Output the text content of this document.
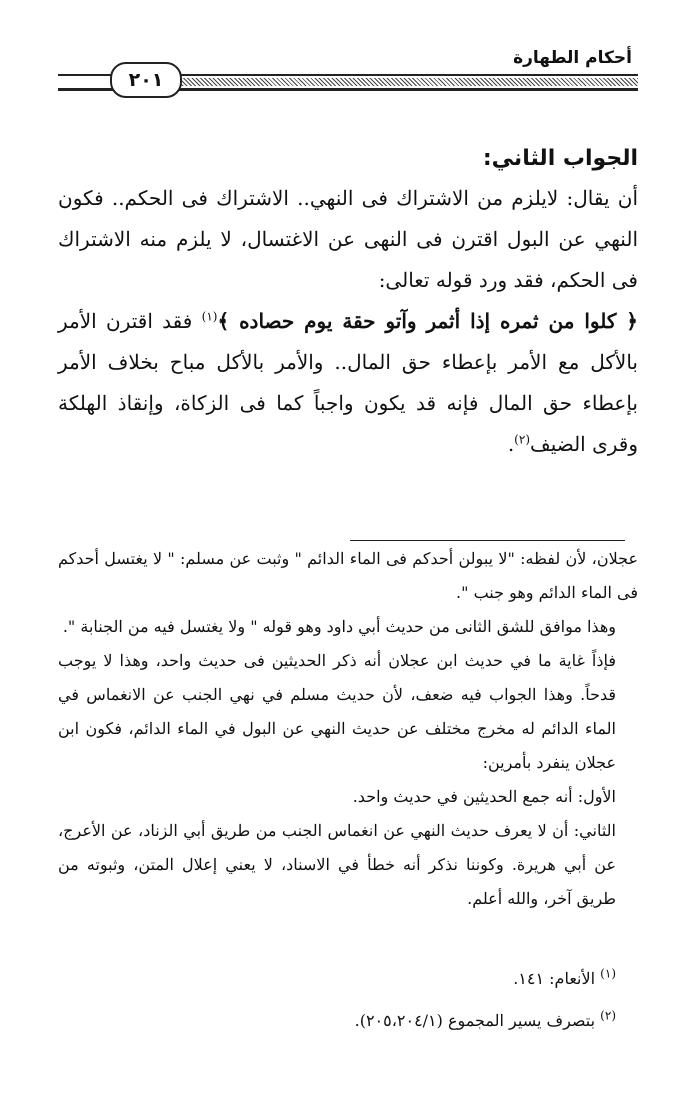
أحكام الطهارة
٢٠١
الجواب الثاني:

أن يقال: لايلزم من الاشتراك فى النهي.. الاشتراك فى الحكم.. فكون النهي عن البول اقترن فى النهى عن الاغتسال، لا يلزم منه الاشتراك فى الحكم، فقد ورد قوله تعالى:

﴿ كلوا من ثمره إذا أثمر وآتو حقة يوم حصاده ﴾$^{(١)}$ فقد اقترن الأمر بالأكل مع الأمر بإعطاء حق المال.. والأمر بالأكل مباح بخلاف الأمر بإعطاء حق المال فإنه قد يكون واجباً كما فى الزكاة، وإنقاذ الهلكة وقرى الضيف$^{(٢)}$.

عجلان، لأن لفظه: "لا يبولن أحدكم فى الماء الدائم " وثبت عن مسلم: " لا يغتسل أحدكم فى الماء الدائم وهو جنب ".

وهذا موافق للشق الثانى من حديث أبي داود وهو قوله " ولا يغتسل فيه من الجنابة ".

فإذاً غاية ما في حديث ابن عجلان أنه ذكر الحديثين فى حديث واحد، وهذا لا يوجب قدحاً. وهذا الجواب فيه ضعف، لأن حديث مسلم في نهي الجنب عن الانغماس في الماء الدائم له مخرج مختلف عن حديث النهي عن البول في الماء الدائم، فكون ابن عجلان ينفرد بأمرين:

الأول: أنه جمع الحديثين في حديث واحد.

الثاني: أن لا يعرف حديث النهي عن انغماس الجنب من طريق أبي الزناد، عن الأعرج، عن أبي هريرة. وكوننا نذكر أنه خطأ في الاسناد، لا يعني إعلال المتن، وثبوته من طريق آخر، والله أعلم.

$^{(١)}$ الأنعام: ١٤١.

$^{(٢)}$ بتصرف يسير المجموع (٢٠٥،٢٠٤/١).
